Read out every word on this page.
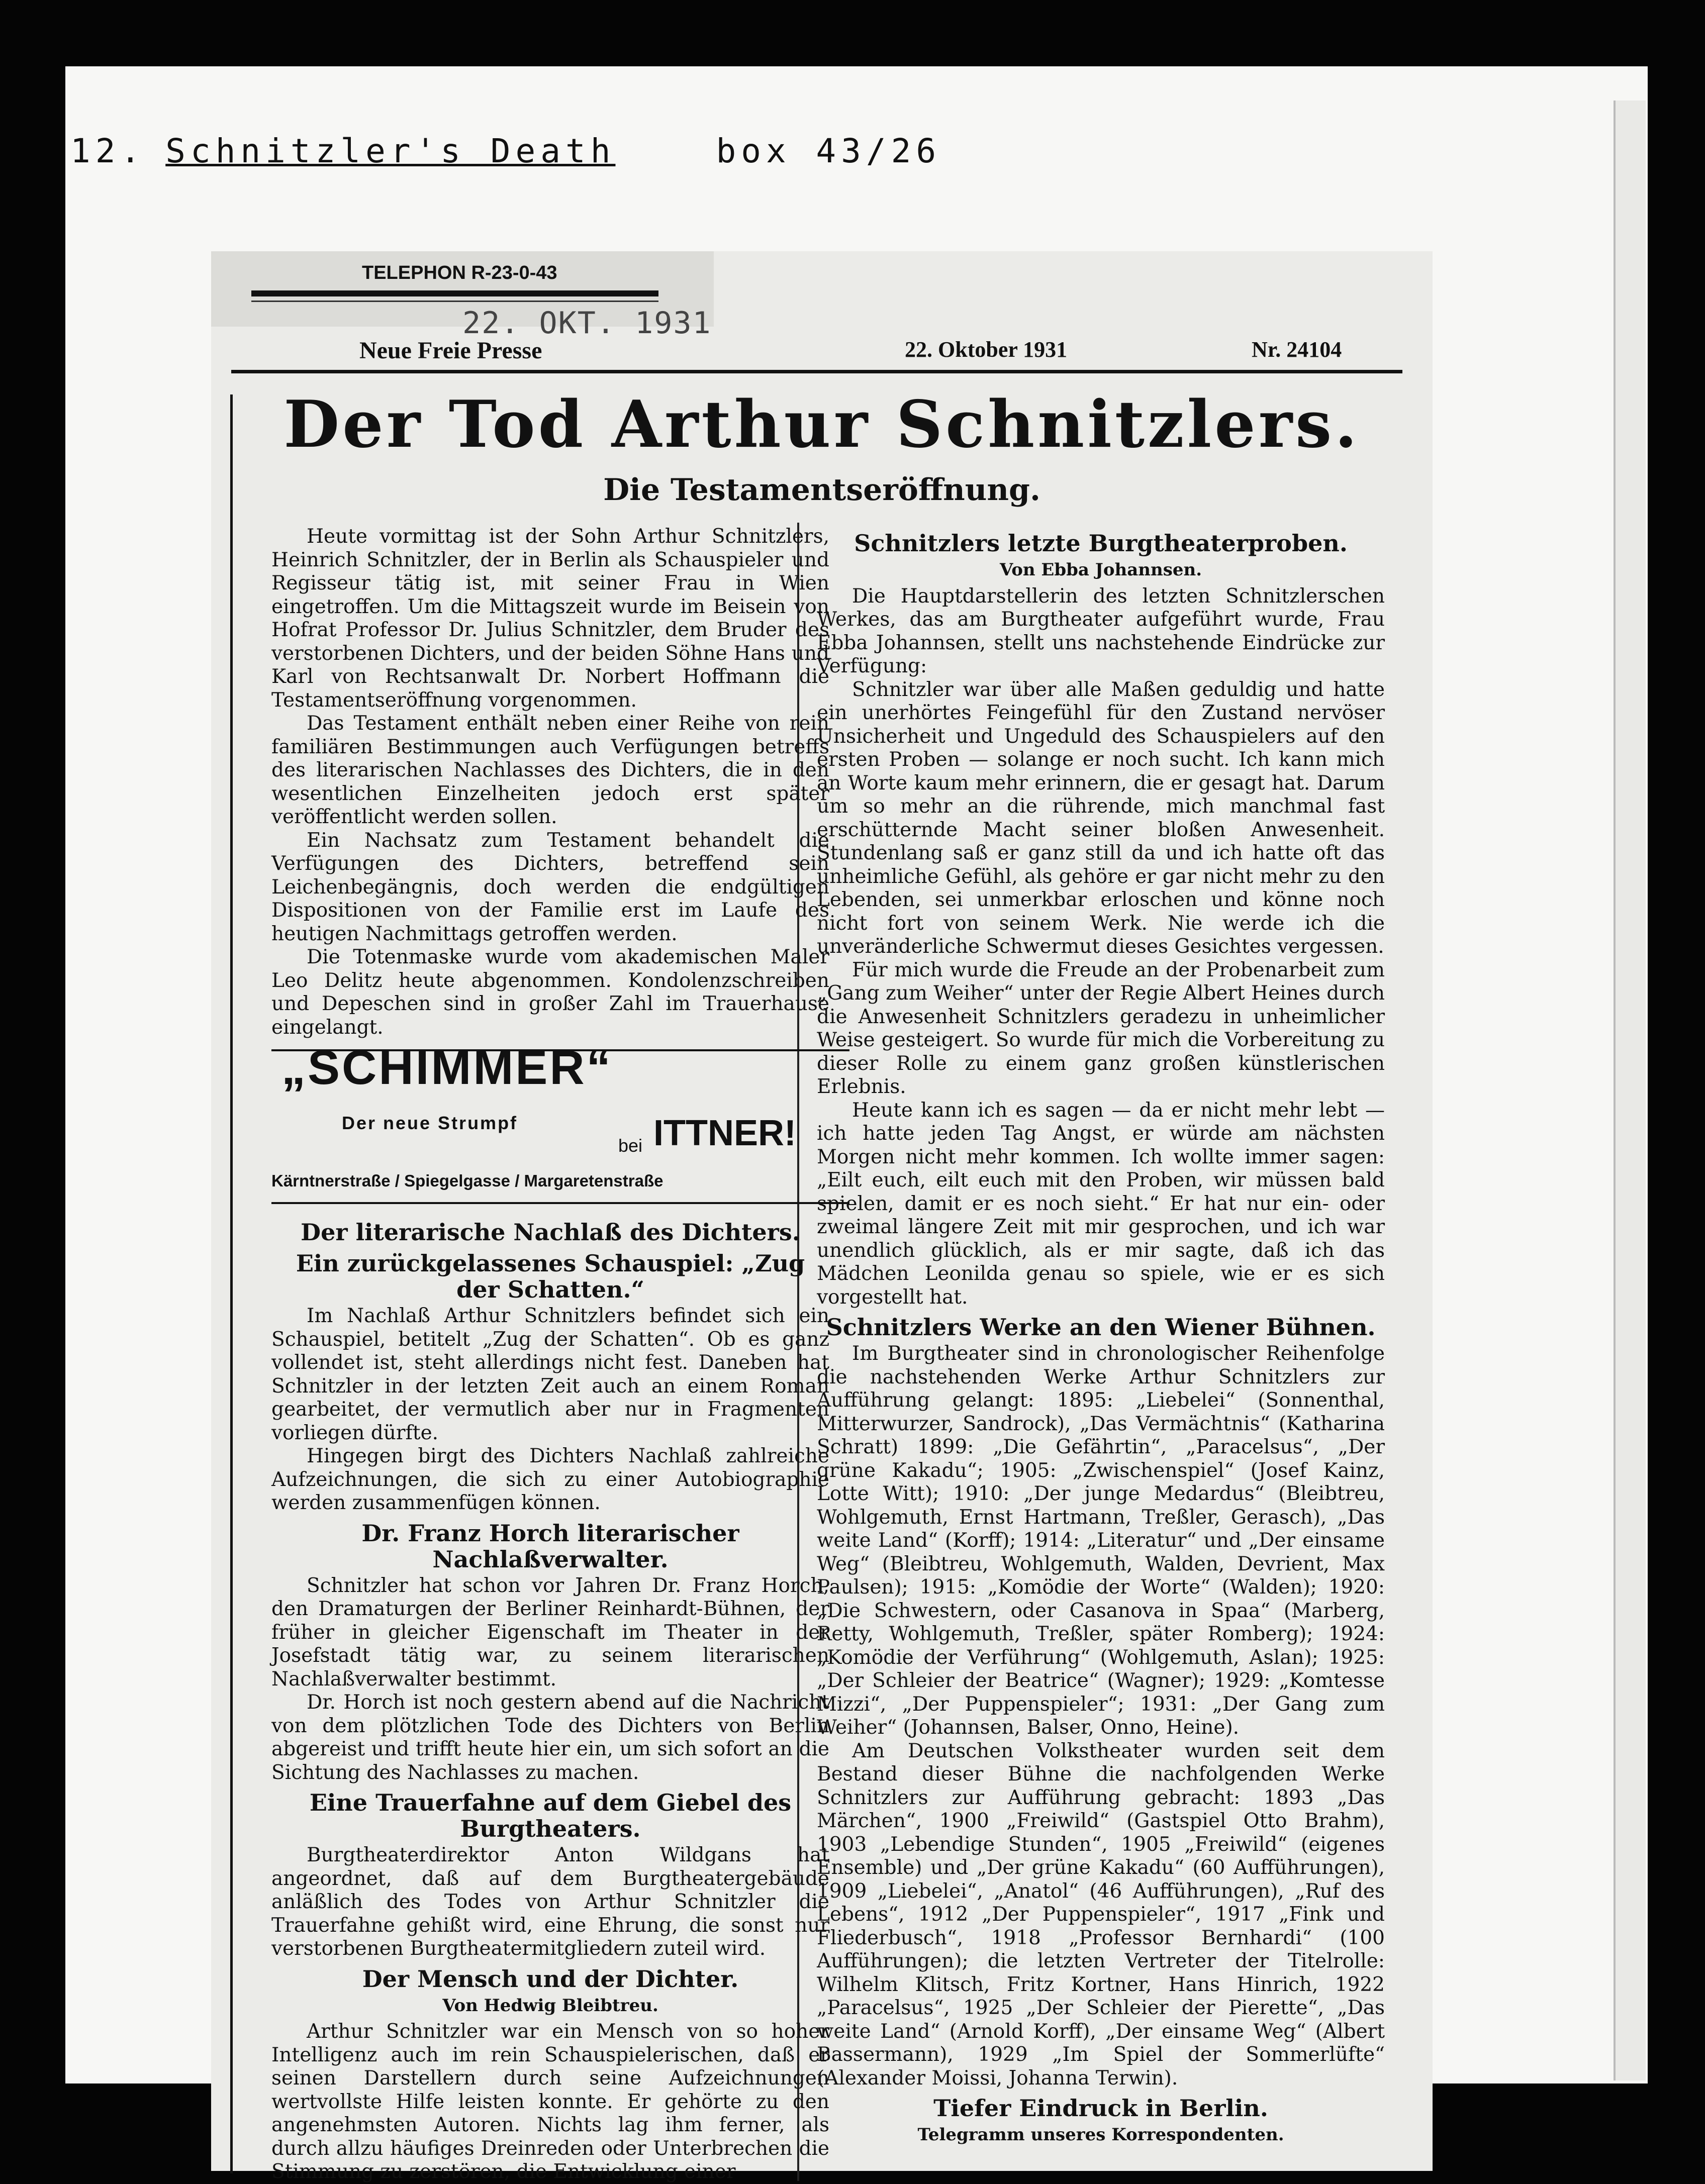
12. Schnitzler's Death	box 43/26
TELEPHON R-23-0-43
22. OKT. 1931
Neue Freie Presse	22. Oktober 1931	Nr. 24104
Der Tod Arthur Schnitzlers.
Die Testamentseröffnung.

Heute vormittag ist der Sohn Arthur Schnitzlers, Heinrich Schnitzler, der in Berlin als Schauspieler und Regisseur tätig ist, mit seiner Frau in Wien eingetroffen. Um die Mittagszeit wurde im Beisein von Hofrat Professor Dr. Julius Schnitzler, dem Bruder des verstorbenen Dichters, und der beiden Söhne Hans und Karl von Rechtsanwalt Dr. Norbert Hoffmann die Testamentseröffnung vorgenommen.

Das Testament enthält neben einer Reihe von rein familiären Bestimmungen auch Verfügungen betreffs des literarischen Nachlasses des Dichters, die in den wesentlichen Einzelheiten jedoch erst später veröffentlicht werden sollen.

Ein Nachsatz zum Testament behandelt die Verfügungen des Dichters, betreffend sein Leichenbegängnis, doch werden die endgültigen Dispositionen von der Familie erst im Laufe des heutigen Nachmittags getroffen werden.

Die Totenmaske wurde vom akademischen Maler Leo Delitz heute abgenommen. Kondolenzschreiben und Depeschen sind in großer Zahl im Trauerhause eingelangt.

„SCHIMMER“
Der neue Strumpf
bei ITTNER!
Kärntnerstraße / Spiegelgasse / Margaretenstraße
Der literarische Nachlaß des Dichters.
Ein zurückgelassenes Schauspiel: „Zug der Schatten.“

Im Nachlaß Arthur Schnitzlers befindet sich ein Schauspiel, betitelt „Zug der Schatten“. Ob es ganz vollendet ist, steht allerdings nicht fest. Daneben hat Schnitzler in der letzten Zeit auch an einem Roman gearbeitet, der vermutlich aber nur in Fragmenten vorliegen dürfte.

Hingegen birgt des Dichters Nachlaß zahlreiche Aufzeichnungen, die sich zu einer Autobiographie werden zusammenfügen können.

Dr. Franz Horch literarischer Nachlaßverwalter.

Schnitzler hat schon vor Jahren Dr. Franz Horch, den Dramaturgen der Berliner Reinhardt-Bühnen, der früher in gleicher Eigenschaft im Theater in der Josefstadt tätig war, zu seinem literarischen Nachlaßverwalter bestimmt.

Dr. Horch ist noch gestern abend auf die Nachricht von dem plötzlichen Tode des Dichters von Berlin abgereist und trifft heute hier ein, um sich sofort an die Sichtung des Nachlasses zu machen.

Eine Trauerfahne auf dem Giebel des Burgtheaters.

Burgtheaterdirektor Anton Wildgans hat angeordnet, daß auf dem Burgtheatergebäude anläßlich des Todes von Arthur Schnitzler die Trauerfahne gehißt wird, eine Ehrung, die sonst nur verstorbenen Burgtheatermitgliedern zuteil wird.

Der Mensch und der Dichter.
Von Hedwig Bleibtreu.

Arthur Schnitzler war ein Mensch von so hoher Intelligenz auch im rein Schauspielerischen, daß er seinen Darstellern durch seine Aufzeichnungen wertvollste Hilfe leisten konnte. Er gehörte zu den angenehmsten Autoren. Nichts lag ihm ferner, als durch allzu häufiges Dreinreden oder Unterbrechen die Stimmung zu zerstören, die Entwicklung einer

Schnitzlers letzte Burgtheaterproben.
Von Ebba Johannsen.

Die Hauptdarstellerin des letzten Schnitzlerschen Werkes, das am Burgtheater aufgeführt wurde, Frau Ebba Johannsen, stellt uns nachstehende Eindrücke zur Verfügung:

Schnitzler war über alle Maßen geduldig und hatte ein unerhörtes Feingefühl für den Zustand nervöser Unsicherheit und Ungeduld des Schauspielers auf den ersten Proben — solange er noch sucht. Ich kann mich an Worte kaum mehr erinnern, die er gesagt hat. Darum um so mehr an die rührende, mich manchmal fast erschütternde Macht seiner bloßen Anwesenheit. Stundenlang saß er ganz still da und ich hatte oft das unheimliche Gefühl, als gehöre er gar nicht mehr zu den Lebenden, sei unmerkbar erloschen und könne noch nicht fort von seinem Werk. Nie werde ich die unveränderliche Schwermut dieses Gesichtes vergessen.

Für mich wurde die Freude an der Probenarbeit zum „Gang zum Weiher“ unter der Regie Albert Heines durch die Anwesenheit Schnitzlers geradezu in unheimlicher Weise gesteigert. So wurde für mich die Vorbereitung zu dieser Rolle zu einem ganz großen künstlerischen Erlebnis.

Heute kann ich es sagen — da er nicht mehr lebt — ich hatte jeden Tag Angst, er würde am nächsten Morgen nicht mehr kommen. Ich wollte immer sagen: „Eilt euch, eilt euch mit den Proben, wir müssen bald spielen, damit er es noch sieht.“ Er hat nur ein- oder zweimal längere Zeit mit mir gesprochen, und ich war unendlich glücklich, als er mir sagte, daß ich das Mädchen Leonilda genau so spiele, wie er es sich vorgestellt hat.

Schnitzlers Werke an den Wiener Bühnen.

Im Burgtheater sind in chronologischer Reihenfolge die nachstehenden Werke Arthur Schnitzlers zur Aufführung gelangt: 1895: „Liebelei“ (Sonnenthal, Mitterwurzer, Sandrock), „Das Vermächtnis“ (Katharina Schratt) 1899: „Die Gefährtin“, „Paracelsus“, „Der grüne Kakadu“; 1905: „Zwischenspiel“ (Josef Kainz, Lotte Witt); 1910: „Der junge Medardus“ (Bleibtreu, Wohlgemuth, Ernst Hartmann, Treßler, Gerasch), „Das weite Land“ (Korff); 1914: „Literatur“ und „Der einsame Weg“ (Bleibtreu, Wohlgemuth, Walden, Devrient, Max Paulsen); 1915: „Komödie der Worte“ (Walden); 1920: „Die Schwestern, oder Casanova in Spaa“ (Marberg, Retty, Wohlgemuth, Treßler, später Romberg); 1924: „Komödie der Verführung“ (Wohlgemuth, Aslan); 1925: „Der Schleier der Beatrice“ (Wagner); 1929: „Komtesse Mizzi“, „Der Puppenspieler“; 1931: „Der Gang zum Weiher“ (Johannsen, Balser, Onno, Heine).

Am Deutschen Volkstheater wurden seit dem Bestand dieser Bühne die nachfolgenden Werke Schnitzlers zur Aufführung gebracht: 1893 „Das Märchen“, 1900 „Freiwild“ (Gastspiel Otto Brahm), 1903 „Lebendige Stunden“, 1905 „Freiwild“ (eigenes Ensemble) und „Der grüne Kakadu“ (60 Aufführungen), 1909 „Liebelei“, „Anatol“ (46 Aufführungen), „Ruf des Lebens“, 1912 „Der Puppenspieler“, 1917 „Fink und Fliederbusch“, 1918 „Professor Bernhardi“ (100 Aufführungen); die letzten Vertreter der Titelrolle: Wilhelm Klitsch, Fritz Kortner, Hans Hinrich, 1922 „Paracelsus“, 1925 „Der Schleier der Pierette“, „Das weite Land“ (Arnold Korff), „Der einsame Weg“ (Albert Bassermann), 1929 „Im Spiel der Sommerlüfte“ (Alexander Moissi, Johanna Terwin).

Tiefer Eindruck in Berlin.
Telegramm unseres Korrespondenten.
